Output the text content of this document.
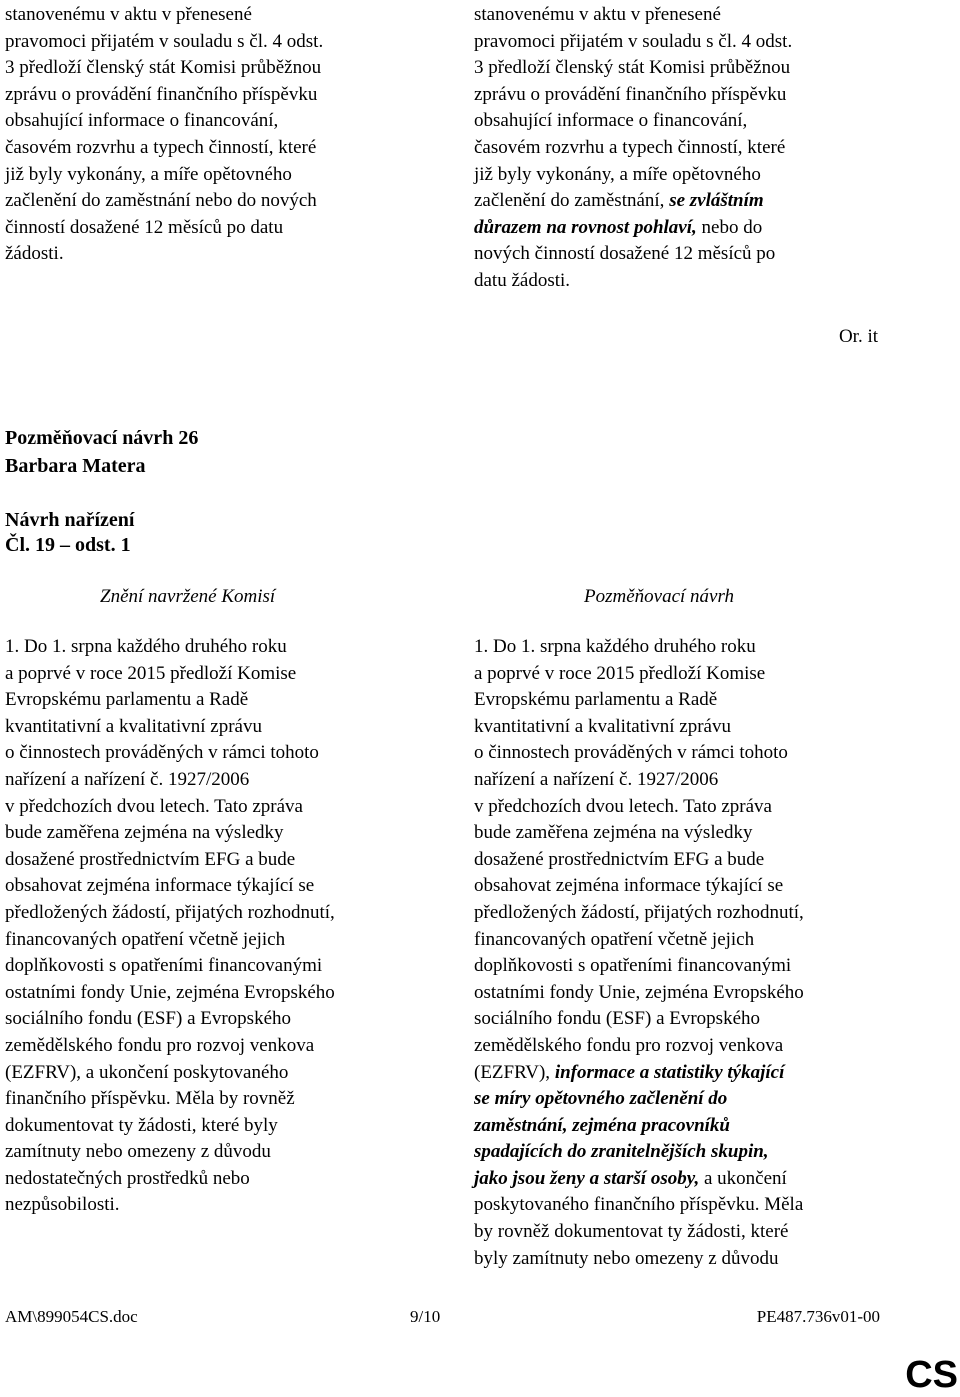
stanovenému v aktu v přenesené
pravomoci přijatém v souladu s čl. 4 odst.
3 předloží členský stát Komisi průběžnou
zprávu o provádění finančního příspěvku
obsahující informace o financování,
časovém rozvrhu a typech činností, které
již byly vykonány, a míře opětovného
začlenění do zaměstnání nebo do nových
činností dosažené 12 měsíců po datu
žádosti.
stanovenému v aktu v přenesené
pravomoci přijatém v souladu s čl. 4 odst.
3 předloží členský stát Komisi průběžnou
zprávu o provádění finančního příspěvku
obsahující informace o financování,
časovém rozvrhu a typech činností, které
již byly vykonány, a míře opětovného
začlenění do zaměstnání, se zvláštním
důrazem na rovnost pohlaví, nebo do
nových činností dosažené 12 měsíců po
datu žádosti.
Or. it
Pozměňovací návrh 26
Barbara Matera
Návrh nařízení
Čl. 19 – odst. 1
Znění navržené Komisí	Pozměňovací návrh
1. Do 1. srpna každého druhého roku
a poprvé v roce 2015 předloží Komise
Evropskému parlamentu a Radě
kvantitativní a kvalitativní zprávu
o činnostech prováděných v rámci tohoto
nařízení a nařízení č. 1927/2006
v předchozích dvou letech. Tato zpráva
bude zaměřena zejména na výsledky
dosažené prostřednictvím EFG a bude
obsahovat zejména informace týkající se
předložených žádostí, přijatých rozhodnutí,
financovaných opatření včetně jejich
doplňkovosti s opatřeními financovanými
ostatními fondy Unie, zejména Evropského
sociálního fondu (ESF) a Evropského
zemědělského fondu pro rozvoj venkova
(EZFRV), a ukončení poskytovaného
finančního příspěvku. Měla by rovněž
dokumentovat ty žádosti, které byly
zamítnuty nebo omezeny z důvodu
nedostatečných prostředků nebo
nezpůsobilosti.
1. Do 1. srpna každého druhého roku
a poprvé v roce 2015 předloží Komise
Evropskému parlamentu a Radě
kvantitativní a kvalitativní zprávu
o činnostech prováděných v rámci tohoto
nařízení a nařízení č. 1927/2006
v předchozích dvou letech. Tato zpráva
bude zaměřena zejména na výsledky
dosažené prostřednictvím EFG a bude
obsahovat zejména informace týkající se
předložených žádostí, přijatých rozhodnutí,
financovaných opatření včetně jejich
doplňkovosti s opatřeními financovanými
ostatními fondy Unie, zejména Evropského
sociálního fondu (ESF) a Evropského
zemědělského fondu pro rozvoj venkova
(EZFRV), informace a statistiky týkající
se míry opětovného začlenění do
zaměstnání, zejména pracovníků
spadajících do zranitelnějších skupin,
jako jsou ženy a starší osoby, a ukončení
poskytovaného finančního příspěvku. Měla
by rovněž dokumentovat ty žádosti, které
byly zamítnuty nebo omezeny z důvodu
AM\899054CS.doc	9/10	PE487.736v01-00
CS
